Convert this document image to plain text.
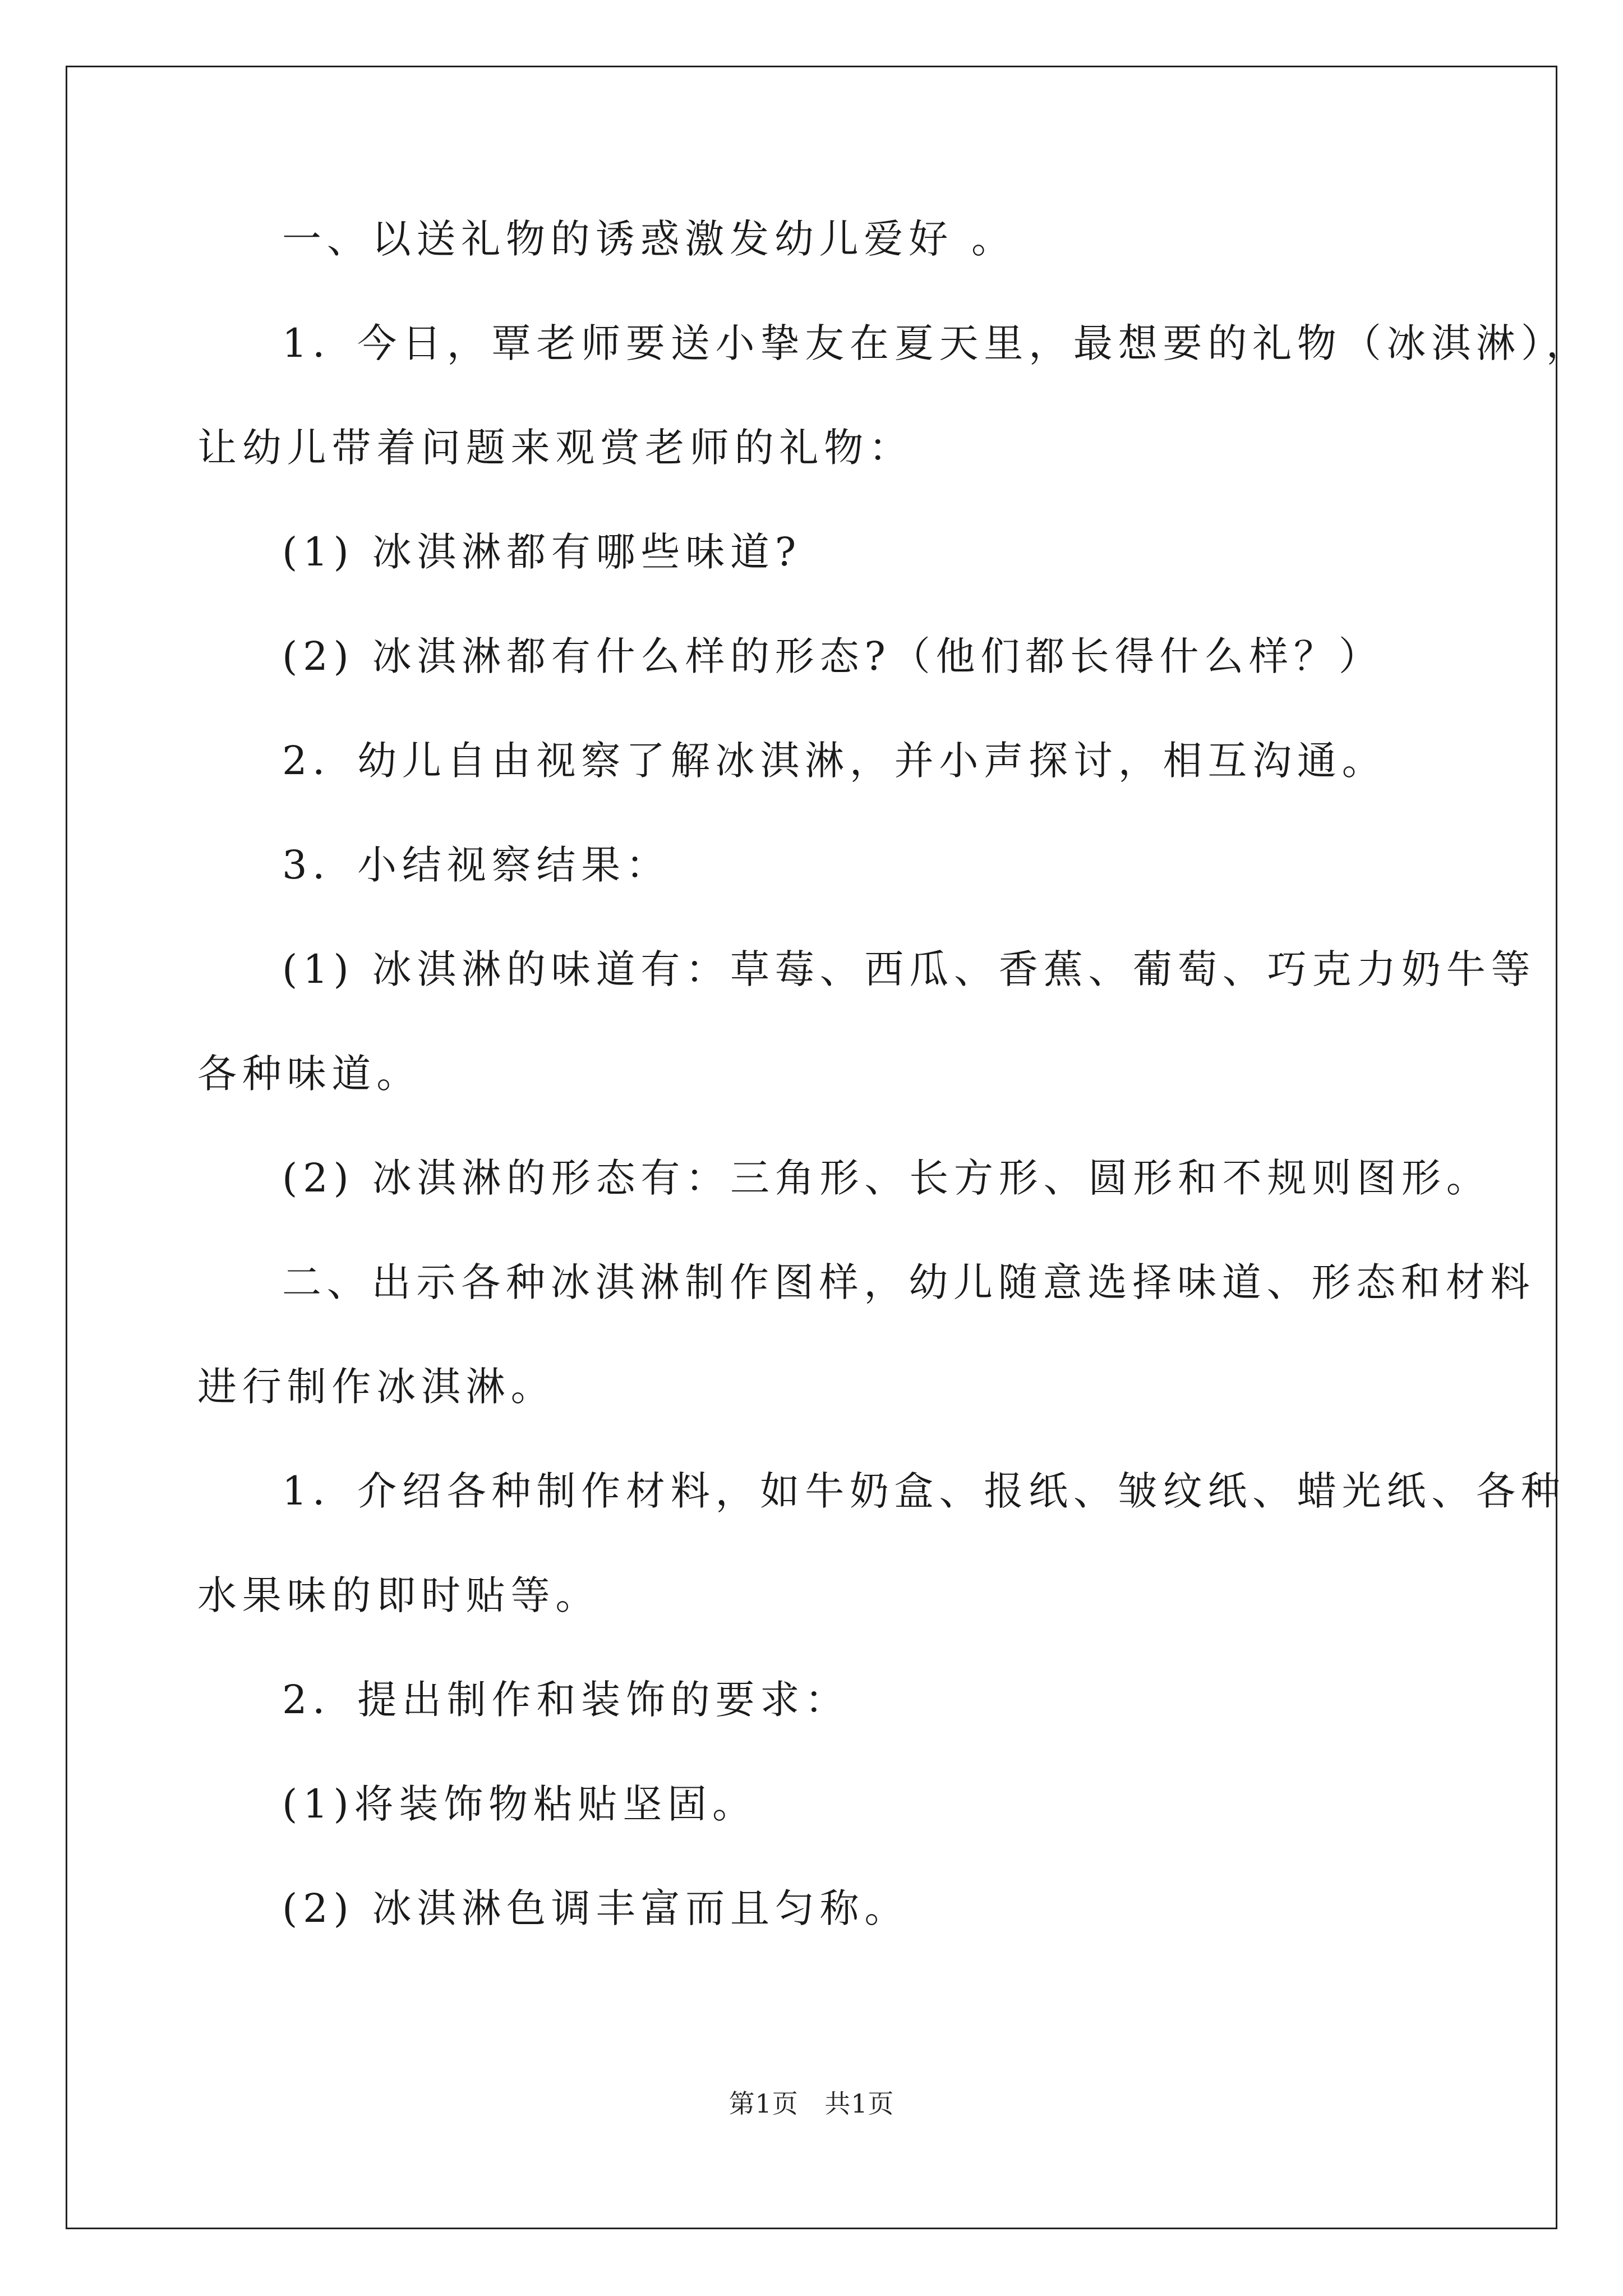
一、以送礼物的诱惑激发幼儿爱好 。

1．今日，覃老师要送小挚友在夏天里，最想要的礼物（冰淇淋），

让幼儿带着问题来观赏老师的礼物：

(1) 冰淇淋都有哪些味道?

(2) 冰淇淋都有什么样的形态?（他们都长得什么样？）

2．幼儿自由视察了解冰淇淋，并小声探讨，相互沟通。

3．小结视察结果：

(1) 冰淇淋的味道有：草莓、西瓜、香蕉、葡萄、巧克力奶牛等

各种味道。

(2) 冰淇淋的形态有：三角形、长方形、圆形和不规则图形。

二、出示各种冰淇淋制作图样，幼儿随意选择味道、形态和材料

进行制作冰淇淋。

1．介绍各种制作材料，如牛奶盒、报纸、皱纹纸、蜡光纸、各种

水果味的即时贴等。

2．提出制作和装饰的要求：

(1)将装饰物粘贴坚固。

(2) 冰淇淋色调丰富而且匀称。

第1页 共1页
